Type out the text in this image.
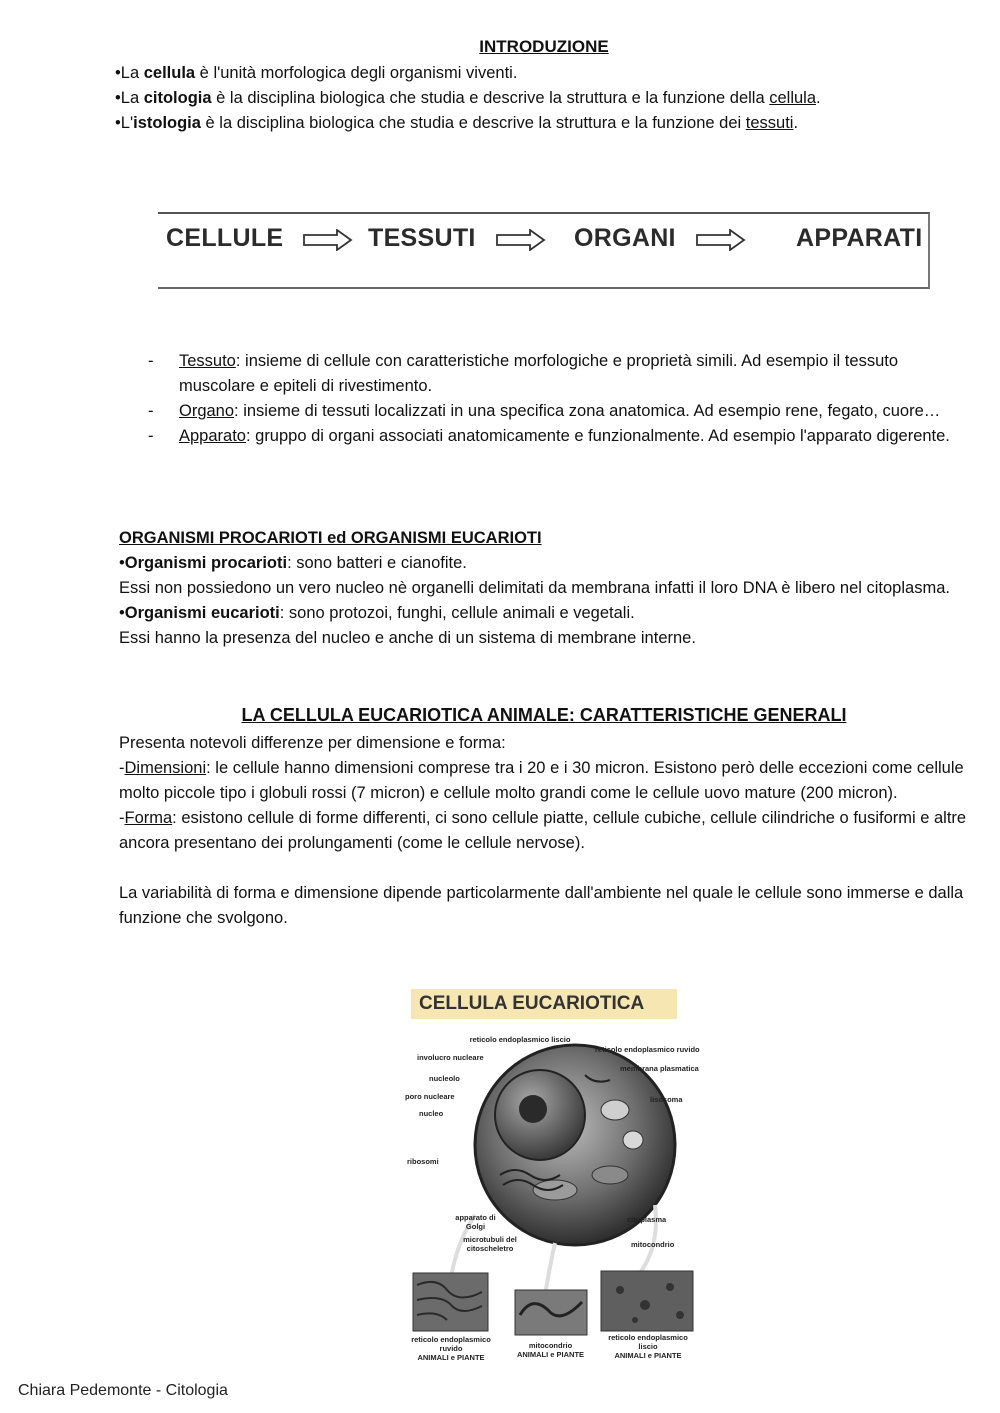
INTRODUZIONE

•La cellula è l'unità morfologica degli organismi viventi.

•La citologia è la disciplina biologica che studia e descrive la struttura e la funzione della cellula.

•L'istologia è la disciplina biologica che studia e descrive la struttura e la funzione dei tessuti.

CELLULE	TESSUTI	ORGANI	APPARATI
- Tessuto: insieme di cellule con caratteristiche morfologiche e proprietà simili. Ad esempio il tessuto muscolare e epiteli di rivestimento.
- Organo: insieme di tessuti localizzati in una specifica zona anatomica. Ad esempio rene, fegato, cuore…
- Apparato: gruppo di organi associati anatomicamente e funzionalmente. Ad esempio l'apparato digerente.

ORGANISMI PROCARIOTI ed ORGANISMI EUCARIOTI

•Organismi procarioti: sono batteri e cianofite.

Essi non possiedono un vero nucleo nè organelli delimitati da membrana infatti il loro DNA è libero nel citoplasma.

•Organismi eucarioti: sono protozoi, funghi, cellule animali e vegetali.

Essi hanno la presenza del nucleo e anche di un sistema di membrane interne.

LA CELLULA EUCARIOTICA ANIMALE: CARATTERISTICHE GENERALI

Presenta notevoli differenze per dimensione e forma:

-Dimensioni: le cellule hanno dimensioni comprese tra i 20 e i 30 micron. Esistono però delle eccezioni come cellule molto piccole tipo i globuli rossi (7 micron) e cellule molto grandi come le cellule uovo mature (200 micron).

-Forma: esistono cellule di forme differenti, ci sono cellule piatte, cellule cubiche, cellule cilindriche o fusiformi e altre ancora presentano dei prolungamenti (come le cellule nervose).

La variabilità di forma e dimensione dipende particolarmente dall'ambiente nel quale le cellule sono immerse e dalla funzione che svolgono.

CELLULA EUCARIOTICA
reticolo endoplasmico liscio
reticolo endoplasmico ruvido
involucro nucleare
membrana plasmatica
nucleolo
poro nucleare	lisosoma
nucleo
ribosomi
apparato di Golgi
citoplasma
microtubuli del citoscheletro	mitocondrio
reticolo endoplasmico ruvido
ANIMALI e PIANTE
mitocondrio
ANIMALI e PIANTE
reticolo endoplasmico liscio
ANIMALI e PIANTE
Chiara Pedemonte - Citologia
